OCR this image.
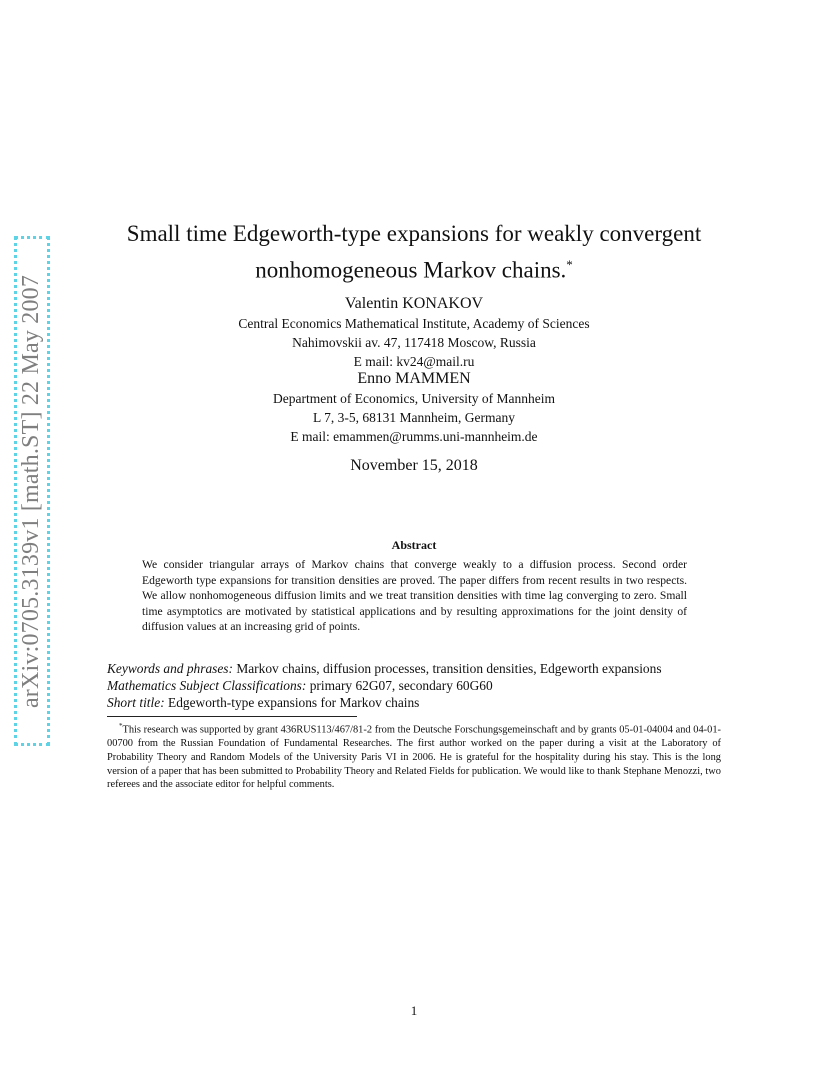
arXiv:0705.3139v1 [math.ST] 22 May 2007
Small time Edgeworth-type expansions for weakly convergent
nonhomogeneous Markov chains.*
Valentin KONAKOV
Central Economics Mathematical Institute, Academy of Sciences
Nahimovskii av. 47, 117418 Moscow, Russia
E mail: kv24@mail.ru
Enno MAMMEN
Department of Economics, University of Mannheim
L 7, 3-5, 68131 Mannheim, Germany
E mail: emammen@rumms.uni-mannheim.de
November 15, 2018
Abstract
We consider triangular arrays of Markov chains that converge weakly to a diffusion process. Second order Edgeworth type expansions for transition densities are proved. The paper differs from recent results in two respects. We allow nonhomogeneous diffusion limits and we treat transition densities with time lag converging to zero. Small time asymptotics are motivated by statistical applications and by resulting approximations for the joint density of diffusion values at an increasing grid of points.
Keywords and phrases: Markov chains, diffusion processes, transition densities, Edgeworth expansions
Mathematics Subject Classifications: primary 62G07, secondary 60G60
Short title: Edgeworth-type expansions for Markov chains
*This research was supported by grant 436RUS113/467/81-2 from the Deutsche Forschungsgemeinschaft and by grants 05-01-04004 and 04-01-00700 from the Russian Foundation of Fundamental Researches. The first author worked on the paper during a visit at the Laboratory of Probability Theory and Random Models of the University Paris VI in 2006. He is grateful for the hospitality during his stay. This is the long version of a paper that has been submitted to Probability Theory and Related Fields for publication. We would like to thank Stephane Menozzi, two referees and the associate editor for helpful comments.
1
